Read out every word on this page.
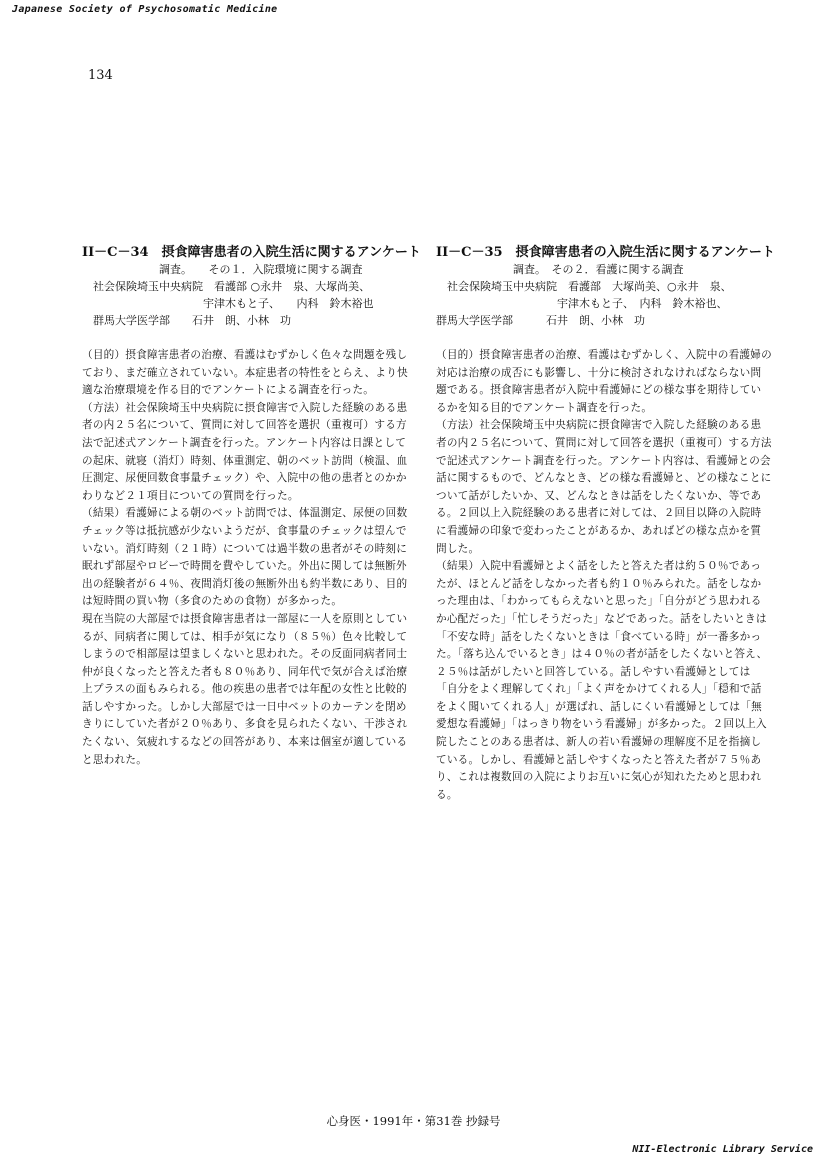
Japanese Society of Psychosomatic Medicine
134
II－C－34　摂食障害患者の入院生活に関するアンケート
　　　　　　　調査。　　その１．入院環境に関する調査
　社会保険埼玉中央病院　看護部 ○永井　泉、大塚尚美、
　　　　　　　　　　　宇津木もと子、　　内科　鈴木裕也
　群馬大学医学部　　石井　朗、小林　功

（目的）摂食障害患者の治療、看護はむずかしく色々な問題を残しており、まだ確立されていない。本症患者の特性をとらえ、より快適な治療環境を作る目的でアンケートによる調査を行った。

（方法）社会保険埼玉中央病院に摂食障害で入院した経験のある患者の内２５名について、質問に対して回答を選択（重複可）する方法で記述式アンケート調査を行った。アンケート内容は日課としての起床、就寝（消灯）時刻、体重測定、朝のベット訪問（検温、血圧測定、尿便回数食事量チェック）や、入院中の他の患者とのかかわりなど２１項目についての質問を行った。

（結果）看護婦による朝のベット訪問では、体温測定、尿便の回数チェック等は抵抗感が少ないようだが、食事量のチェックは望んでいない。消灯時刻（２１時）については過半数の患者がその時刻に眠れず部屋やロビーで時間を費やしていた。外出に関しては無断外出の経験者が６４％、夜間消灯後の無断外出も約半数にあり、目的は短時間の買い物（多食のための食物）が多かった。

現在当院の大部屋では摂食障害患者は一部屋に一人を原則としているが、同病者に関しては、相手が気になり（８５％）色々比較してしまうので相部屋は望ましくないと思われた。その反面同病者同士仲が良くなったと答えた者も８０％あり、同年代で気が合えば治療上プラスの面もみられる。他の疾患の患者では年配の女性と比較的話しやすかった。しかし大部屋では一日中ベットのカーテンを閉めきりにしていた者が２０％あり、多食を見られたくない、干渉されたくない、気疲れするなどの回答があり、本来は個室が適していると思われた。

II－C－35　摂食障害患者の入院生活に関するアンケート
　　　　　　　調査。　その２．看護に関する調査
　社会保険埼玉中央病院　看護部　大塚尚美、○永井　泉、
　　　　　　　　　　　宇津木もと子、　内科　鈴木裕也、
群馬大学医学部　　　石井　朗、小林　功

（目的）摂食障害患者の治療、看護はむずかしく、入院中の看護婦の対応は治療の成否にも影響し、十分に検討されなければならない問題である。摂食障害患者が入院中看護婦にどの様な事を期待しているかを知る目的でアンケート調査を行った。

（方法）社会保険埼玉中央病院に摂食障害で入院した経験のある患者の内２５名について、質問に対して回答を選択（重複可）する方法で記述式アンケート調査を行った。アンケート内容は、看護婦との会話に関するもので、どんなとき、どの様な看護婦と、どの様なことについて話がしたいか、又、どんなときは話をしたくないか、等である。２回以上入院経験のある患者に対しては、２回目以降の入院時に看護婦の印象で変わったことがあるか、あればどの様な点かを質問した。

（結果）入院中看護婦とよく話をしたと答えた者は約５０％であったが、ほとんど話をしなかった者も約１０％みられた。話をしなかった理由は、「わかってもらえないと思った」「自分がどう思われるか心配だった」「忙しそうだった」などであった。話をしたいときは「不安な時」話をしたくないときは「食べている時」が一番多かった。「落ち込んでいるとき」は４０％の者が話をしたくないと答え、２５％は話がしたいと回答している。話しやすい看護婦としては「自分をよく理解してくれ」「よく声をかけてくれる人」「穏和で話をよく聞いてくれる人」が選ばれ、話しにくい看護婦としては「無愛想な看護婦」「はっきり物をいう看護婦」が多かった。２回以上入院したことのある患者は、新人の若い看護婦の理解度不足を指摘している。しかし、看護婦と話しやすくなったと答えた者が７５％あり、これは複数回の入院によりお互いに気心が知れたためと思われる。

心身医・1991年・第31巻 抄録号
NII-Electronic Library Service
